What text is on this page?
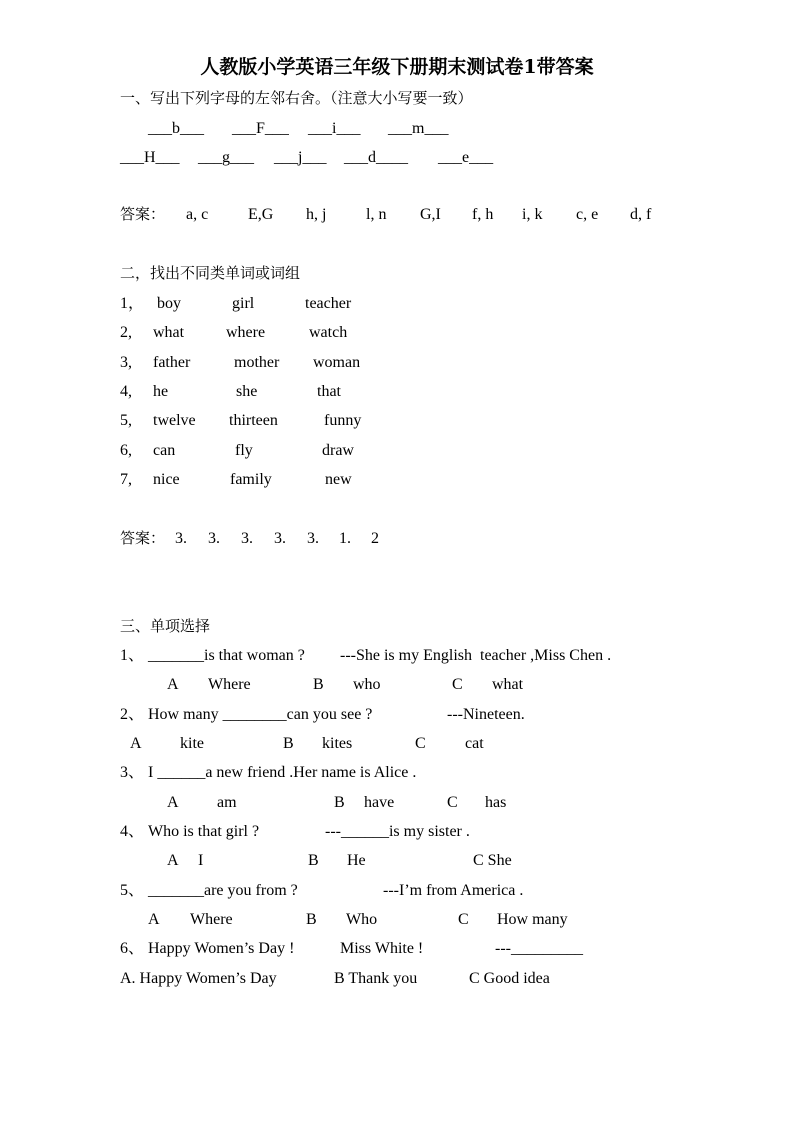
人教版小学英语三年级下册期末测试卷1带答案
一、写出下列字母的左邻右舍。（注意大小写要一致）
___b___ ___F___ ___i___ ___m___
___H___ ___g___ ___j___ ___d____ ___e___
答案： a, c E,G h, j l, n G,I f, h i, k c, e d, f
二，找出不同类单词或词组
1， boy	girl	teacher
2, what	where	watch
3, father	mother woman
4, he	she	that
5, twelve thirteen	funny
6, can	fly	draw
7, nice	family	new
答案： 3. 3. 3. 3. 3. 1. 2
三、单项选择
1、 _______is that woman ? ---She is my English  teacher ,Miss Chen .
A Where	B who	C what
2、 How many ________can you see ?	---Nineteen.
A kite	B kites	C cat
3、 I ______a new friend .Her name is Alice .
A am	B have	C has
4、 Who is that girl ?	---______is my sister .
A I	B He	C She
5、 _______are you from ?	---I’m from America .
A Where	B Who	C How many
6、 Happy Women’s Day !	Miss White !	---_________
A. Happy Women’s Day	B Thank you	C Good idea
